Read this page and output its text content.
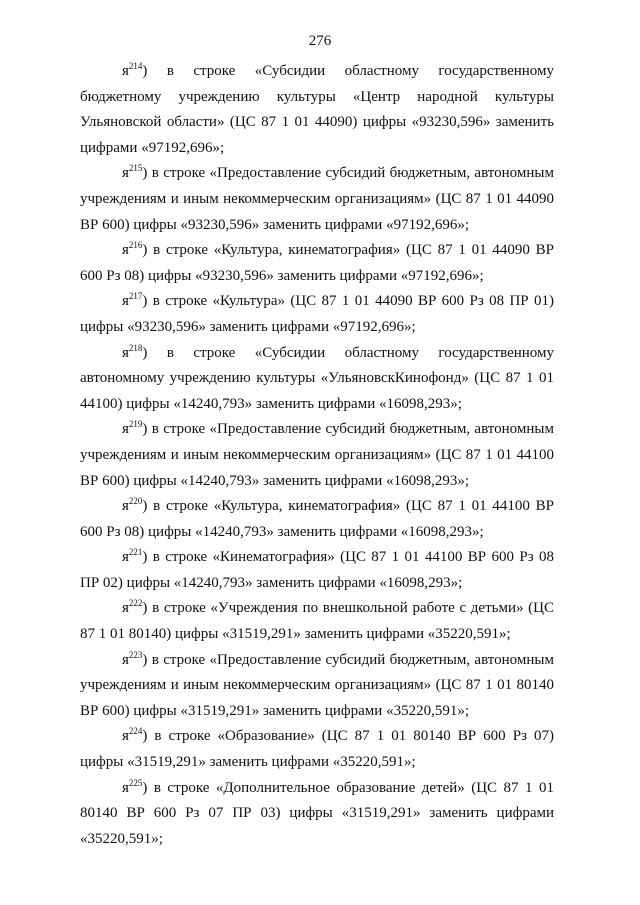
276

$я^{214}$) в строке «Субсидии областному государственному бюджетному учреждению культуры «Центр народной культуры Ульяновской области» (ЦС 87 1 01 44090) цифры «93230,596» заменить цифрами «97192,696»;

$я^{215}$) в строке «Предоставление субсидий бюджетным, автономным учреждениям и иным некоммерческим организациям» (ЦС 87 1 01 44090 ВР 600) цифры «93230,596» заменить цифрами «97192,696»;

$я^{216}$) в строке «Культура, кинематография» (ЦС 87 1 01 44090 ВР 600 Рз 08) цифры «93230,596» заменить цифрами «97192,696»;

$я^{217}$) в строке «Культура» (ЦС 87 1 01 44090 ВР 600 Рз 08 ПР 01) цифры «93230,596» заменить цифрами «97192,696»;

$я^{218}$) в строке «Субсидии областному государственному автономному учреждению культуры «УльяновскКинофонд» (ЦС 87 1 01 44100) цифры «14240,793» заменить цифрами «16098,293»;

$я^{219}$) в строке «Предоставление субсидий бюджетным, автономным учреждениям и иным некоммерческим организациям» (ЦС 87 1 01 44100 ВР 600) цифры «14240,793» заменить цифрами «16098,293»;

$я^{220}$) в строке «Культура, кинематография» (ЦС 87 1 01 44100 ВР 600 Рз 08) цифры «14240,793» заменить цифрами «16098,293»;

$я^{221}$) в строке «Кинематография» (ЦС 87 1 01 44100 ВР 600 Рз 08 ПР 02) цифры «14240,793» заменить цифрами «16098,293»;

$я^{222}$) в строке «Учреждения по внешкольной работе с детьми» (ЦС 87 1 01 80140) цифры «31519,291» заменить цифрами «35220,591»;

$я^{223}$) в строке «Предоставление субсидий бюджетным, автономным учреждениям и иным некоммерческим организациям» (ЦС 87 1 01 80140 ВР 600) цифры «31519,291» заменить цифрами «35220,591»;

$я^{224}$) в строке «Образование» (ЦС 87 1 01 80140 ВР 600 Рз 07) цифры «31519,291» заменить цифрами «35220,591»;

$я^{225}$) в строке «Дополнительное образование детей» (ЦС 87 1 01 80140 ВР 600 Рз 07 ПР 03) цифры «31519,291» заменить цифрами «35220,591»;
